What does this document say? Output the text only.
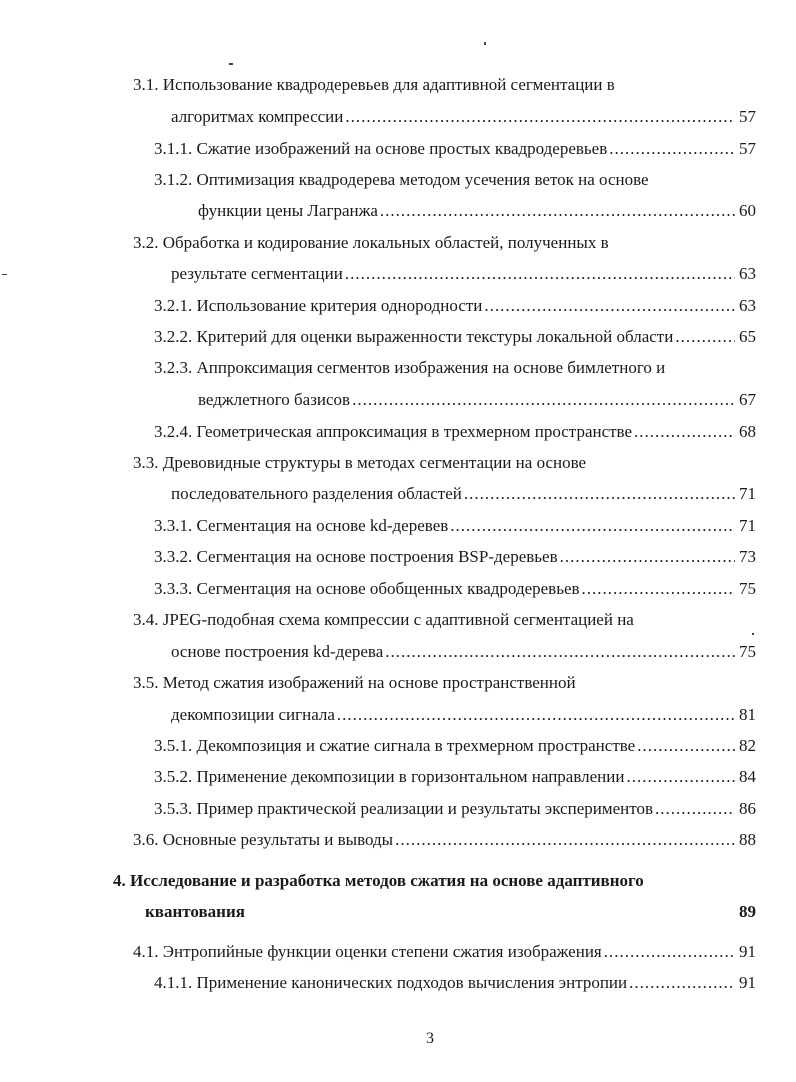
3.1. Использование квадродеревьев для адаптивной сегментации в
алгоритмах компрессии .....	57
3.1.1. Сжатие изображений на основе простых квадродеревьев .....	57
3.1.2. Оптимизация квадродерева методом усечения веток на основе
функции цены Лагранжа .....	60
3.2. Обработка и кодирование локальных областей, полученных в
результате сегментации .....	63
3.2.1. Использование критерия однородности .....	63
3.2.2. Критерий для оценки выраженности текстуры локальной области .....	65
3.2.3. Аппроксимация сегментов изображения на основе бимлетного и
веджлетного базисов .....	67
3.2.4. Геометрическая аппроксимация в трехмерном пространстве .....	68
3.3. Древовидные структуры в методах сегментации на основе
последовательного разделения областей .....	71
3.3.1. Сегментация на основе kd-деревев .....	71
3.3.2. Сегментация на основе построения BSP-деревьев .....	73
3.3.3. Сегментация на основе обобщенных квадродеревьев .....	75
3.4. JPEG-подобная схема компрессии с адаптивной сегментацией на
основе построения kd-дерева .....	75
3.5. Метод сжатия изображений на основе пространственной
декомпозиции сигнала .....	81
3.5.1. Декомпозиция и сжатие сигнала в трехмерном пространстве .....	82
3.5.2. Применение декомпозиции в горизонтальном направлении .....	84
3.5.3. Пример практической реализации и результаты экспериментов .....	86
3.6. Основные результаты и выводы .....	88
4. Исследование и разработка методов сжатия на основе адаптивного
квантования	89
4.1. Энтропийные функции оценки степени сжатия изображения .....	91
4.1.1. Применение канонических подходов вычисления энтропии .....	91
3
